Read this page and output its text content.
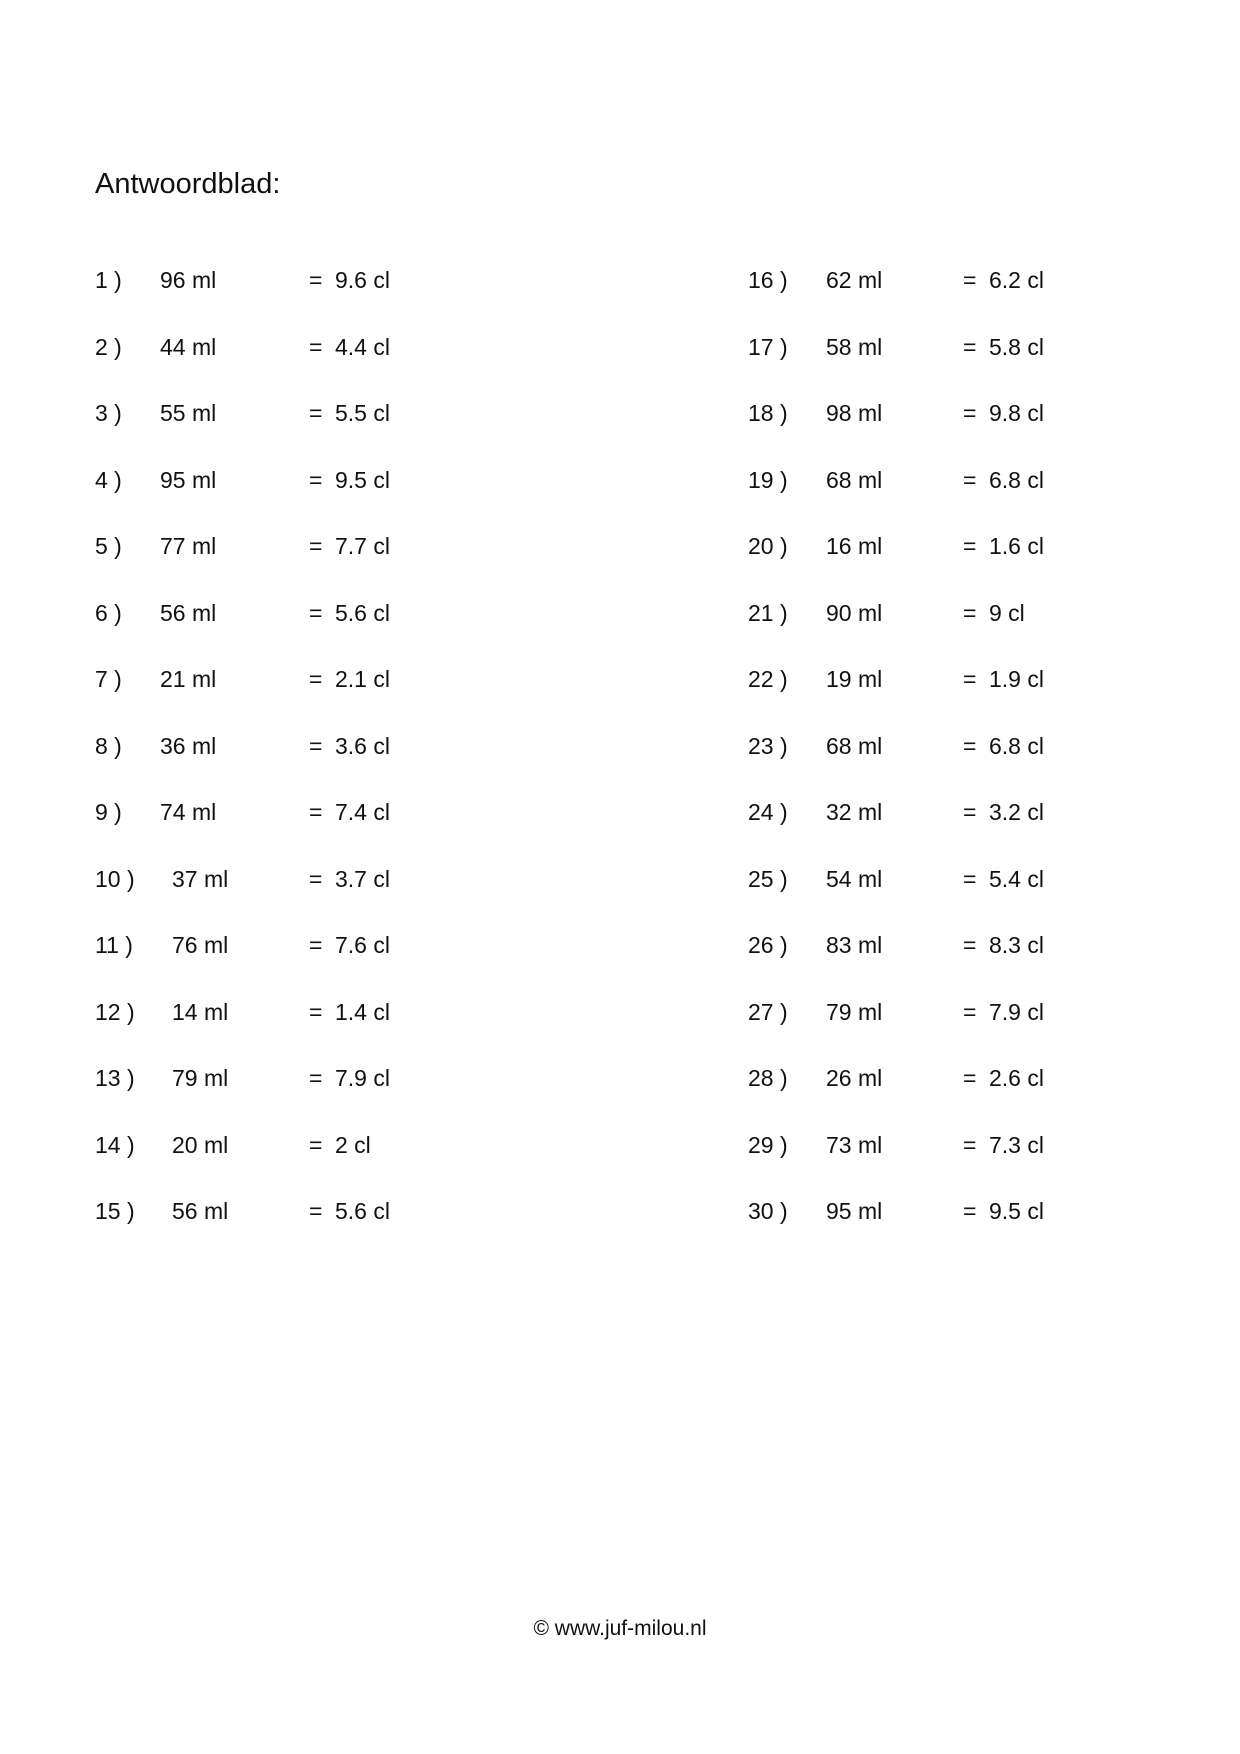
Antwoordblad:
1 ) 96 ml	= 9.6 cl
2 ) 44 ml	= 4.4 cl
3 ) 55 ml	= 5.5 cl
4 ) 95 ml	= 9.5 cl
5 ) 77 ml	= 7.7 cl
6 ) 56 ml	= 5.6 cl
7 ) 21 ml	= 2.1 cl
8 ) 36 ml	= 3.6 cl
9 ) 74 ml	= 7.4 cl
10 ) 37 ml	= 3.7 cl
11 ) 76 ml	= 7.6 cl
12 ) 14 ml	= 1.4 cl
13 ) 79 ml	= 7.9 cl
14 ) 20 ml	= 2 cl
15 ) 56 ml	= 5.6 cl
16 ) 62 ml	= 6.2 cl
17 ) 58 ml	= 5.8 cl
18 ) 98 ml	= 9.8 cl
19 ) 68 ml	= 6.8 cl
20 ) 16 ml	= 1.6 cl
21 ) 90 ml	= 9 cl
22 ) 19 ml	= 1.9 cl
23 ) 68 ml	= 6.8 cl
24 ) 32 ml	= 3.2 cl
25 ) 54 ml	= 5.4 cl
26 ) 83 ml	= 8.3 cl
27 ) 79 ml	= 7.9 cl
28 ) 26 ml	= 2.6 cl
29 ) 73 ml	= 7.3 cl
30 ) 95 ml	= 9.5 cl
© www.juf-milou.nl
